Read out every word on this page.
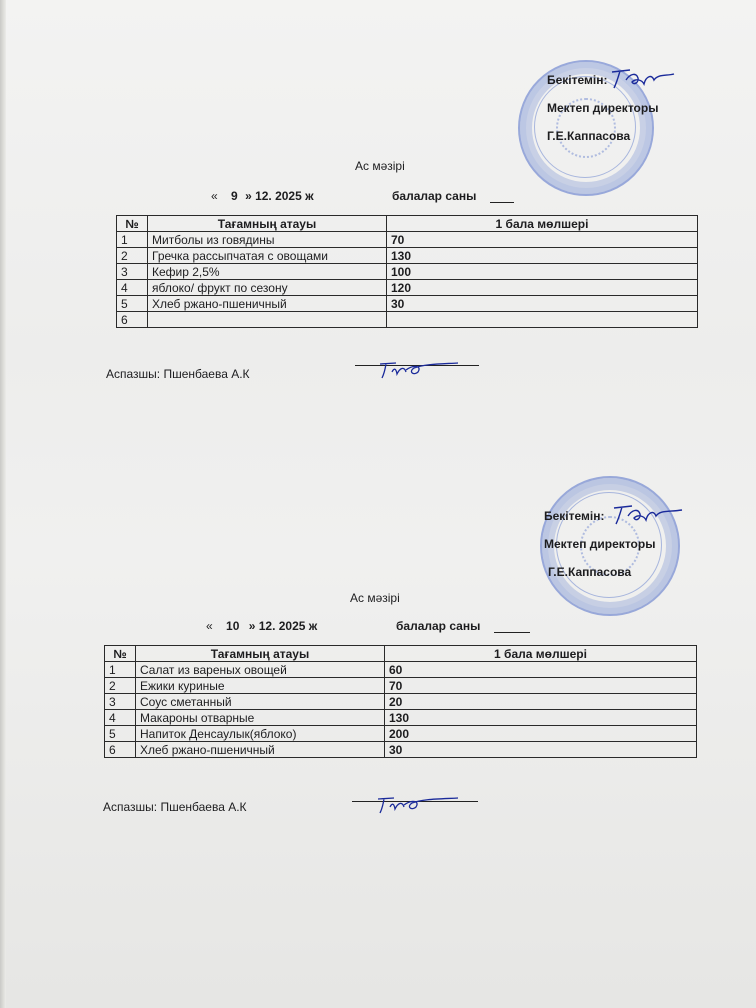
Бекітемін:
Мектеп директоры
Г.Е.Каппасова
Ас мәзірі
« 9 » 12. 2025 ж	балалар саны
№	Тағамның атауы	1 бала мөлшері
1	Митболы из говядины	70
2	Гречка рассыпчатая с овощами	130
3	Кефир 2,5%	100
4	яблоко/ фрукт по сезону	120
5	Хлеб ржано-пшеничный	30
6		
Аспазшы: Пшенбаева А.К
Бекітемін:
Мектеп директоры
Г.Е.Каппасова
Ас мәзірі
« 10 » 12. 2025 ж	балалар саны
№	Тағамның атауы	1 бала мөлшері
1	Салат из вареных овощей	60
2	Ежики куриные	70
3	Соус сметанный	20
4	Макароны отварные	130
5	Напиток Денсаулык(яблоко)	200
6	Хлеб ржано-пшеничный	30
Аспазшы: Пшенбаева А.К
